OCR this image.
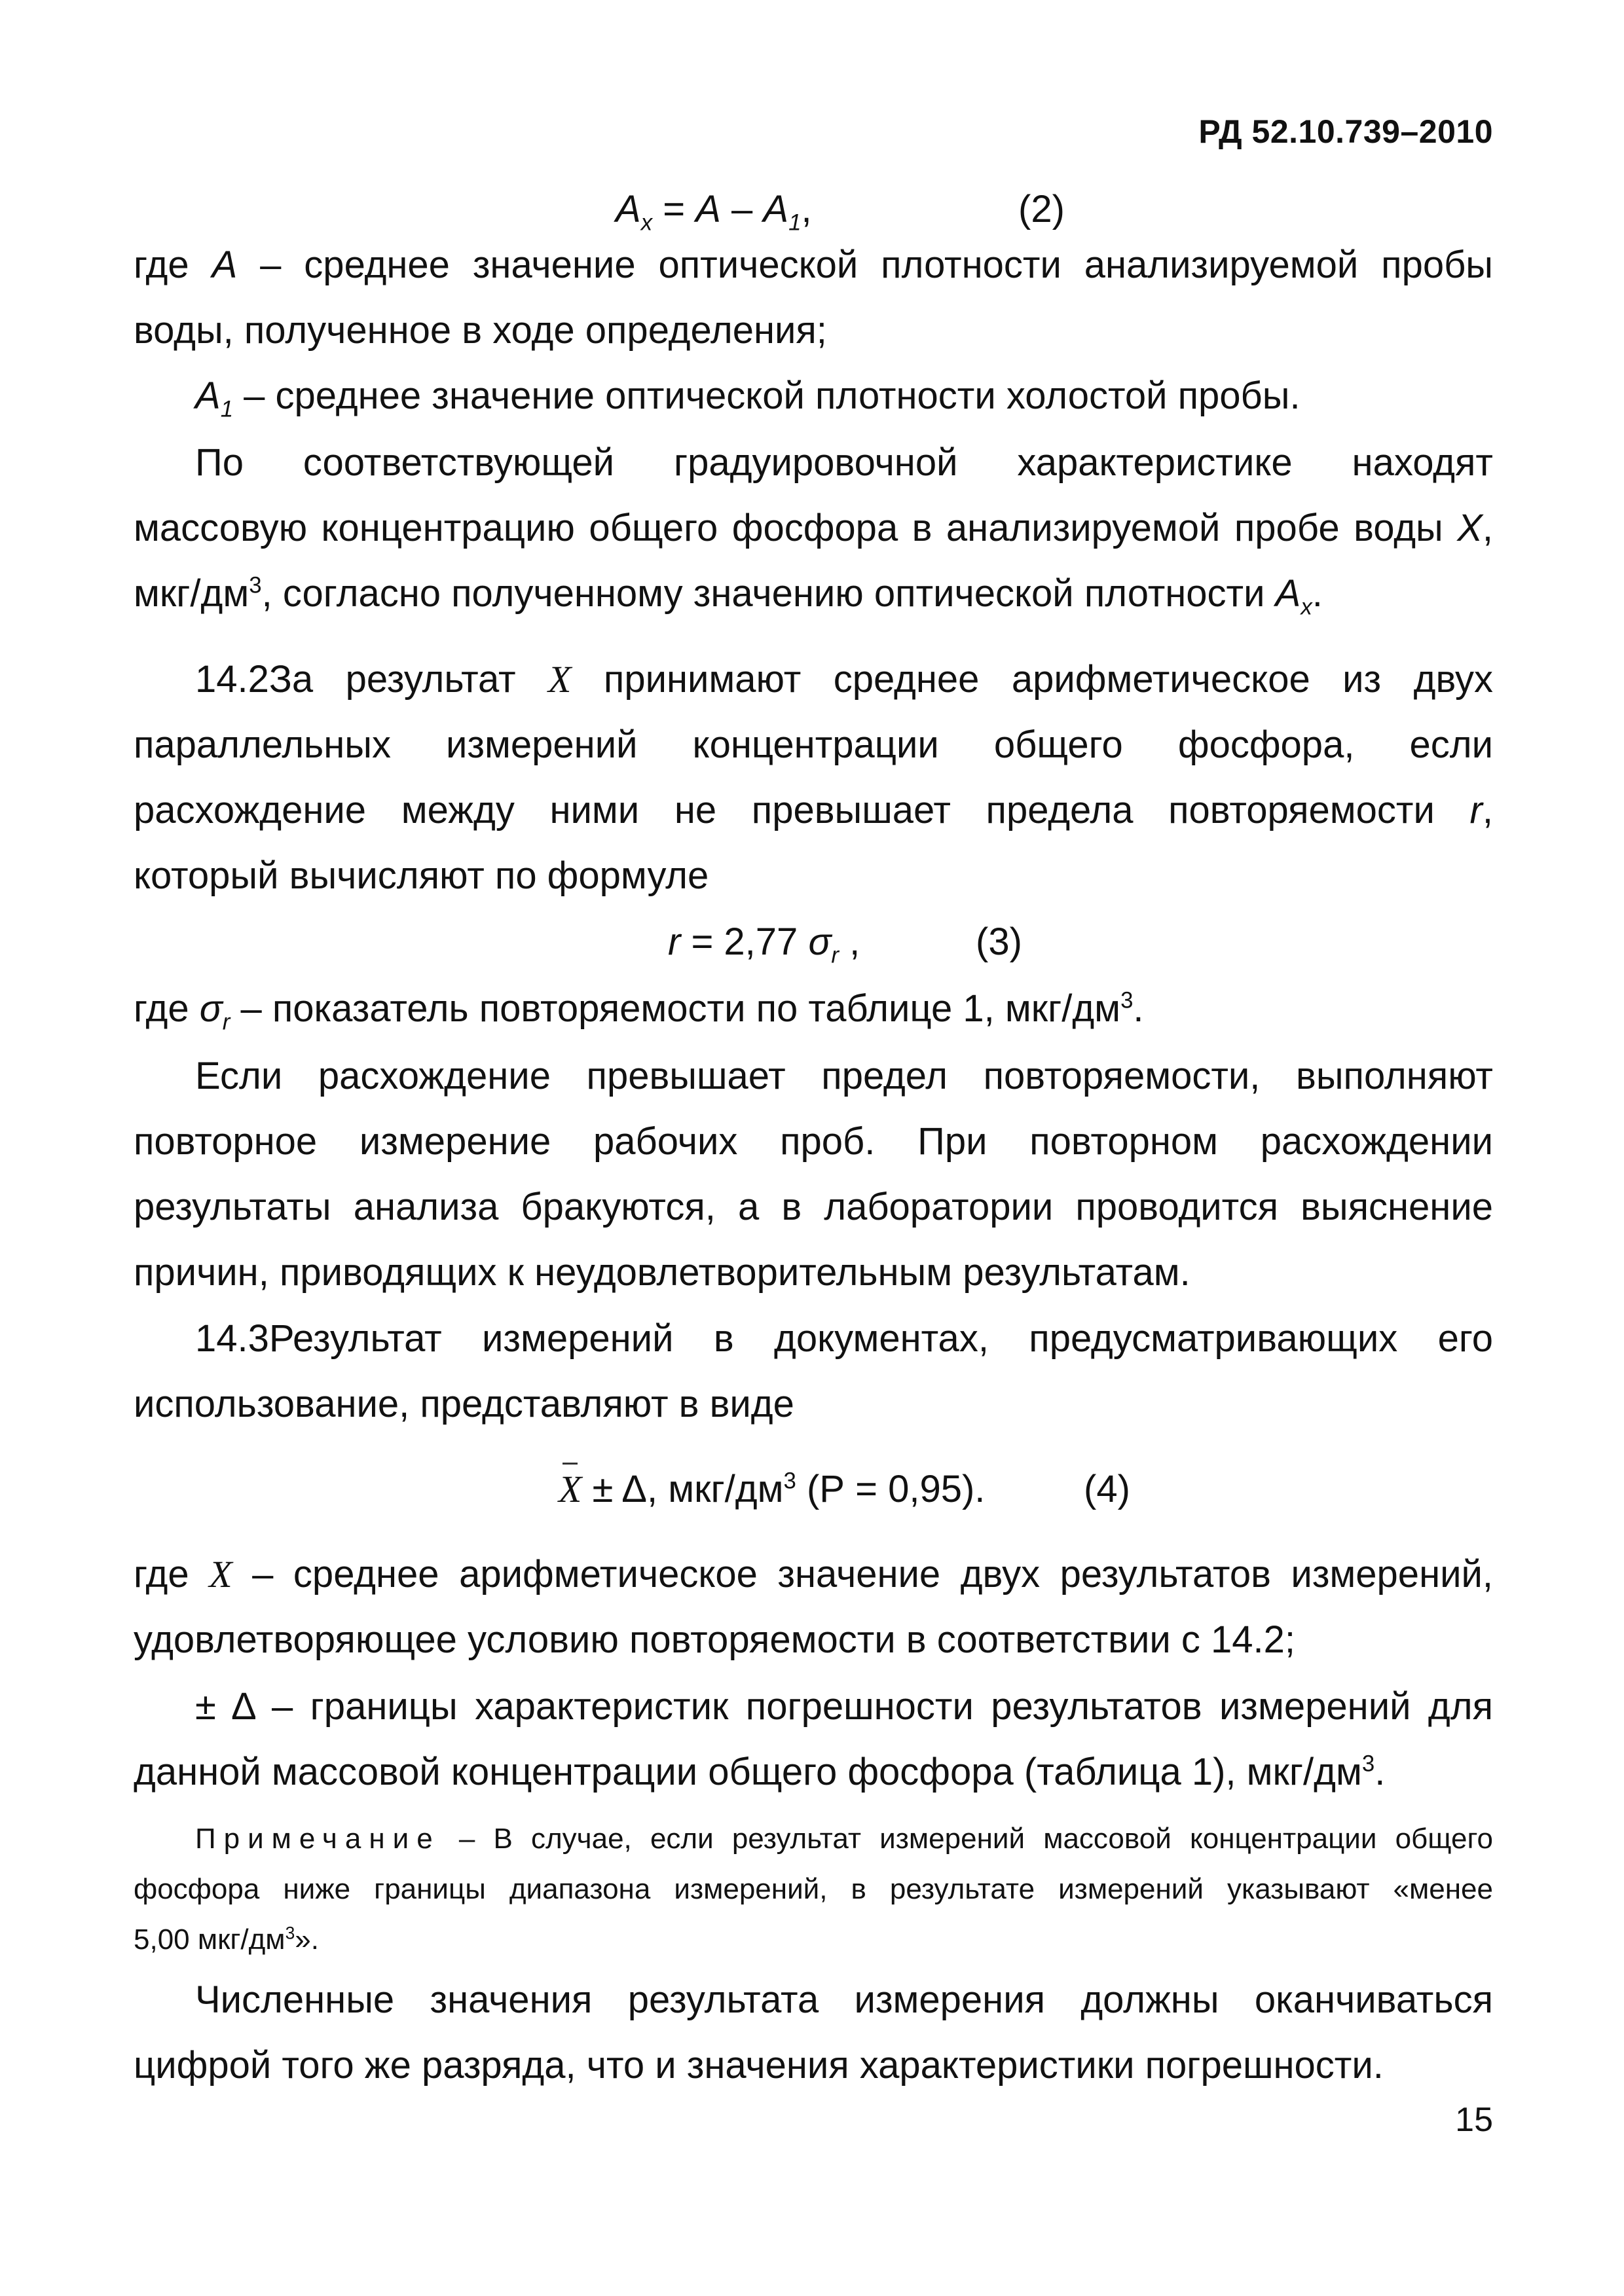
РД 52.10.739–2010
$A_x = A - A_1$,	(2)
где A – среднее значение оптической плотности анализируемой пробы
воды, полученное в ходе определения;
$A_1$ – среднее значение оптической плотности холостой пробы.
По соответствующей градуировочной характеристике находят
массовую концентрацию общего фосфора в анализируемой пробе воды X,
мкг/$дм^3$, согласно полученному значению оптической плотности $A_x$.
14.2За результат X принимают среднее арифметическое из двух
параллельных измерений концентрации общего фосфора, если
расхождение между ними не превышает предела повторяемости r,
который вычисляют по формуле
r = 2,77 $\sigma_r$ ,	(3)
где $\sigma_r$ – показатель повторяемости по таблице 1, мкг/$дм^3$.
Если расхождение превышает предел повторяемости, выполняют
повторное измерение рабочих проб. При повторном расхождении
результаты анализа бракуются, а в лаборатории проводится выяснение
причин, приводящих к неудовлетворительным результатам.
14.3Результат измерений в документах, предусматривающих его
использование, представляют в виде
X ± Δ, мкг/$дм^3$ (Р = 0,95).	(4)
где X – среднее арифметическое значение двух результатов измерений,
удовлетворяющее условию повторяемости в соответствии с 14.2;
± Δ – границы характеристик погрешности результатов измерений для
данной массовой концентрации общего фосфора (таблица 1), мкг/$дм^3$.
Примечание – В случае, если результат измерений массовой концентрации общего
фосфора ниже границы диапазона измерений, в результате измерений указывают «менее
5,00 мкг/$дм^3$».
Численные значения результата измерения должны оканчиваться
цифрой того же разряда, что и значения характеристики погрешности.
15
